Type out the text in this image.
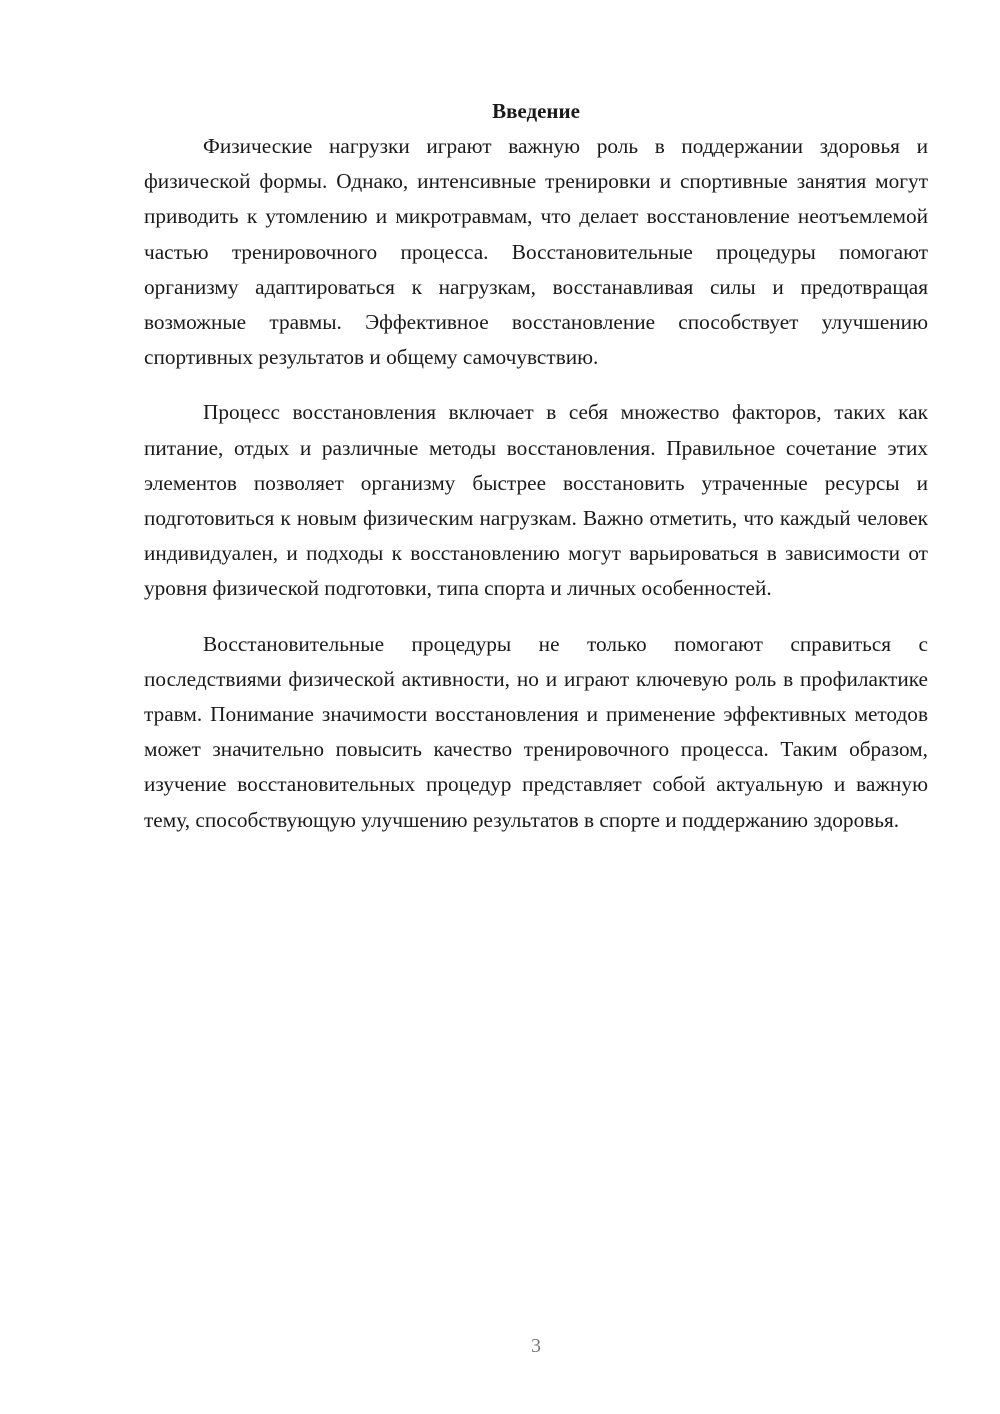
Введение

Физические нагрузки играют важную роль в поддержании здоровья и физической формы. Однако, интенсивные тренировки и спортивные занятия могут приводить к утомлению и микротравмам, что делает восстановление неотъемлемой частью тренировочного процесса. Восстановительные процедуры помогают организму адаптироваться к нагрузкам, восстанавливая силы и предотвращая возможные травмы. Эффективное восстановление способствует улучшению спортивных результатов и общему самочувствию.

Процесс восстановления включает в себя множество факторов, таких как питание, отдых и различные методы восстановления. Правильное сочетание этих элементов позволяет организму быстрее восстановить утраченные ресурсы и подготовиться к новым физическим нагрузкам. Важно отметить, что каждый человек индивидуален, и подходы к восстановлению могут варьироваться в зависимости от уровня физической подготовки, типа спорта и личных особенностей.

Восстановительные процедуры не только помогают справиться с последствиями физической активности, но и играют ключевую роль в профилактике травм. Понимание значимости восстановления и применение эффективных методов может значительно повысить качество тренировочного процесса. Таким образом, изучение восстановительных процедур представляет собой актуальную и важную тему, способствующую улучшению результатов в спорте и поддержанию здоровья.

3
